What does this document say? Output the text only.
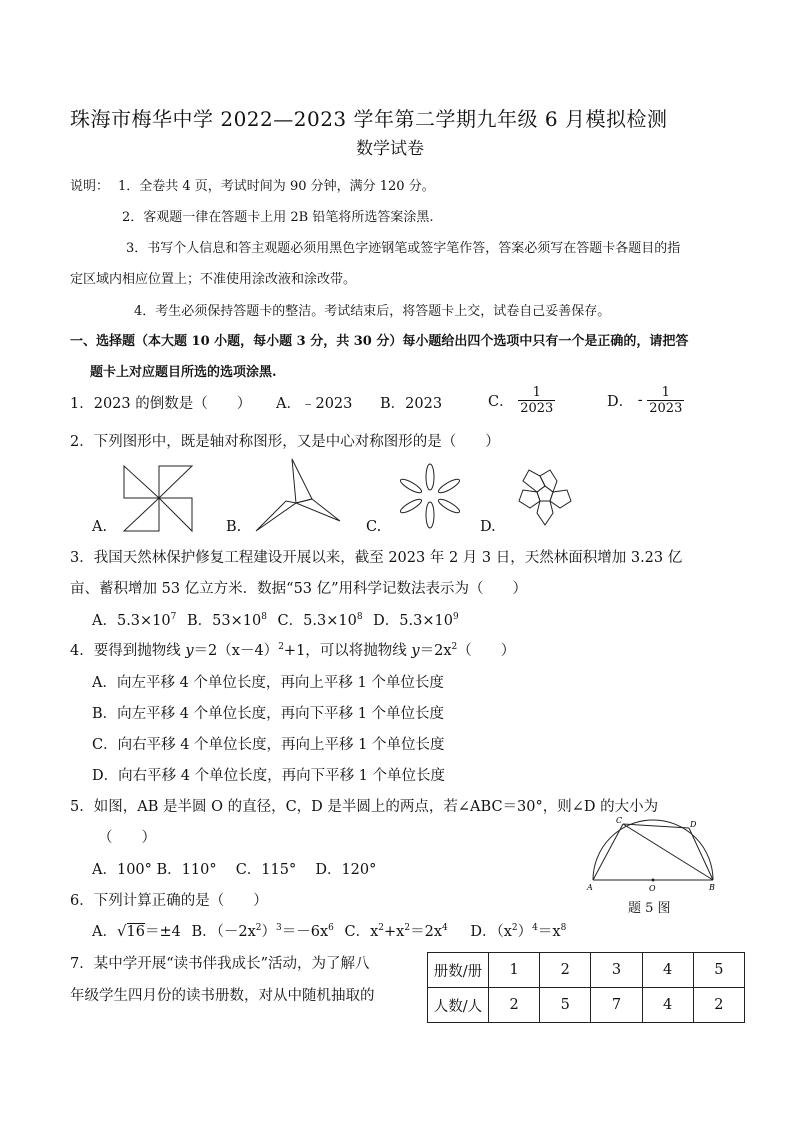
珠海市梅华中学 2022—2023 学年第二学期九年级 6 月模拟检测
数学试卷
说明： 1．全卷共 4 页，考试时间为 90 分钟，满分 120 分。
2．客观题一律在答题卡上用 2B 铅笔将所选答案涂黑.
3．书写个人信息和答主观题必须用黑色字迹钢笔或签字笔作答，答案必须写在答题卡各题目的指
定区域内相应位置上；不准使用涂改液和涂改带。
4．考生必须保持答题卡的整洁。考试结束后，将答题卡上交，试卷自己妥善保存。
一、选择题（本大题 10 小题，每小题 3 分，共 30 分）每小题给出四个选项中只有一个是正确的，请把答
题卡上对应题目所选的选项涂黑.
1．2023 的倒数是（　　） A．﹣2023 B．2023	C． $\frac{1}{2023}$	D． - $\frac{1}{2023}$
2．下列图形中，既是轴对称图形，又是中心对称图形的是（　　）
A.	B.	C.	D.
3．我国天然林保护修复工程建设开展以来，截至 2023 年 2 月 3 日，天然林面积增加 3.23 亿
亩、蓄积增加 53 亿立方米．数据“53 亿”用科学记数法表示为（　　）
A．$5.3\times 10^7$ B．$53\times 10^8$ C．$5.3\times 10^8$ D．$5.3\times 10^9$
4．要得到抛物线 $y=2(x-4)^2+1$，可以将抛物线 $y=2x^2$（　　）
A．向左平移 4 个单位长度，再向上平移 1 个单位长度
B．向左平移 4 个单位长度，再向下平移 1 个单位长度
C．向右平移 4 个单位长度，再向上平移 1 个单位长度
D．向右平移 4 个单位长度，再向下平移 1 个单位长度
5．如图，AB 是半圆 O 的直径，C，D 是半圆上的两点，若∠ABC＝30°，则∠D 的大小为
（　　）
A．100° B．110°　 C．115°　 D．120°
A	B
C	D
O
题 5 图
6．下列计算正确的是（　　）
A．√16＝±4 B．$(-2x^2)^3=-6x^6$ C．$x^2+x^2=2x^4$ D．$(x^2)^4=x^8$
7．某中学开展“读书伴我成长”活动，为了解八
年级学生四月份的读书册数，对从中随机抽取的
册数/册	1	2	3	4	5
人数/人	2	5	7	4	2
